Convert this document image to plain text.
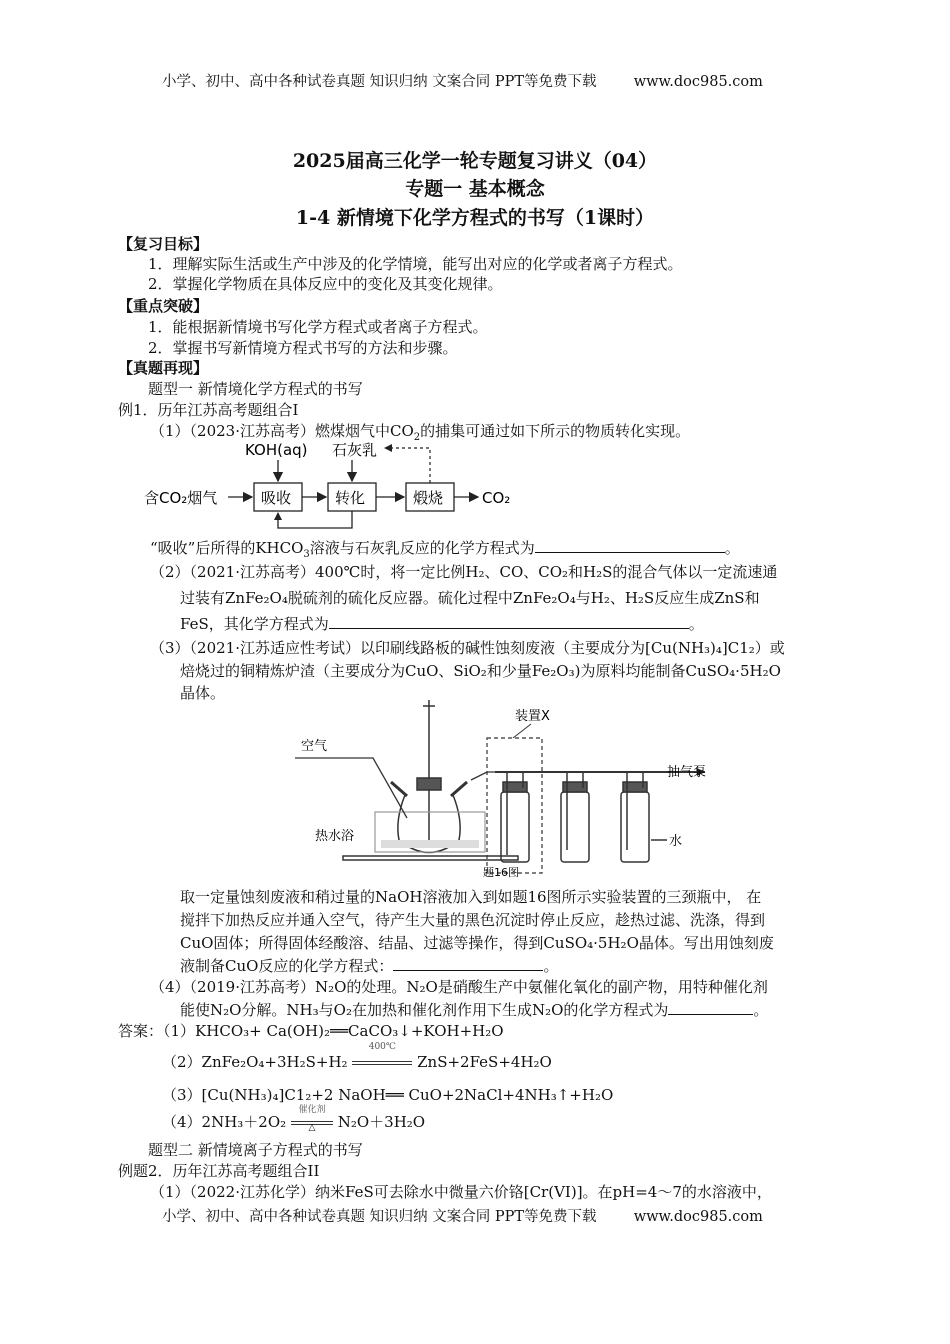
小学、初中、高中各种试卷真题 知识归纳 文案合同 PPT等免费下载	www.doc985.com
2025届高三化学一轮专题复习讲义（04）
专题一 基本概念
1-4 新情境下化学方程式的书写（1课时）
【复习目标】
1．理解实际生活或生产中涉及的化学情境，能写出对应的化学或者离子方程式。
2．掌握化学物质在具体反应中的变化及其变化规律。
【重点突破】
1．能根据新情境书写化学方程式或者离子方程式。
2．掌握书写新情境方程式书写的方法和步骤。
【真题再现】
题型一 新情境化学方程式的书写
例1．历年江苏高考题组合I
（1）（2023·江苏高考）燃煤烟气中$CO_2$的捕集可通过如下所示的物质转化实现。
KOH(aq) 石灰乳
含CO₂烟气	吸收	转化	煅烧	CO₂
“吸收”后所得的$KHCO_3$溶液与石灰乳反应的化学方程式为	。
（2）（2021·江苏高考）400℃时，将一定比例H₂、CO、CO₂和H₂S的混合气体以一定流速通
过装有ZnFe₂O₄脱硫剂的硫化反应器。硫化过程中ZnFe₂O₄与H₂、H₂S反应生成ZnS和
FeS，其化学方程式为	。
（3）（2021·江苏适应性考试）以印刷线路板的碱性蚀刻废液（主要成分为[Cu(NH₃)₄]C1₂）或
焙烧过的铜精炼炉渣（主要成分为CuO、SiO₂和少量Fe₂O₃)为原料均能制备CuSO₄·5H₂O
晶体。
空气
装置X
抽气泵
热水浴	水
题16图
取一定量蚀刻废液和稍过量的NaOH溶液加入到如题16图所示实验装置的三颈瓶中， 在
搅拌下加热反应并通入空气，待产生大量的黑色沉淀时停止反应，趁热过滤、洗涤，得到
CuO固体；所得固体经酸溶、结晶、过滤等操作，得到CuSO₄·5H₂O晶体。写出用蚀刻废
液制备CuO反应的化学方程式：	。
（4）（2019·江苏高考）N₂O的处理。N₂O是硝酸生产中氨催化氧化的副产物，用特种催化剂
能使N₂O分解。NH₃与O₂在加热和催化剂作用下生成N₂O的化学方程式为	。
答案：（1）KHCO₃+ Ca(OH)₂══CaCO₃↓+KOH+H₂O
（2）ZnFe₂O₄+3H₂S+H₂
400℃
ZnS+2FeS+4H₂O
（3）[Cu(NH₃)₄]C1₂+2 NaOH══ CuO+2NaCl+4NH₃↑+H₂O
（4）2NH₃＋2O₂
催化剂
△	N₂O＋3H₂O
题型二 新情境离子方程式的书写
例题2．历年江苏高考题组合II
（1）（2022·江苏化学）纳米FeS可去除水中微量六价铬[Cr(VI)]。在pH=4～7的水溶液中，
小学、初中、高中各种试卷真题 知识归纳 文案合同 PPT等免费下载	www.doc985.com
